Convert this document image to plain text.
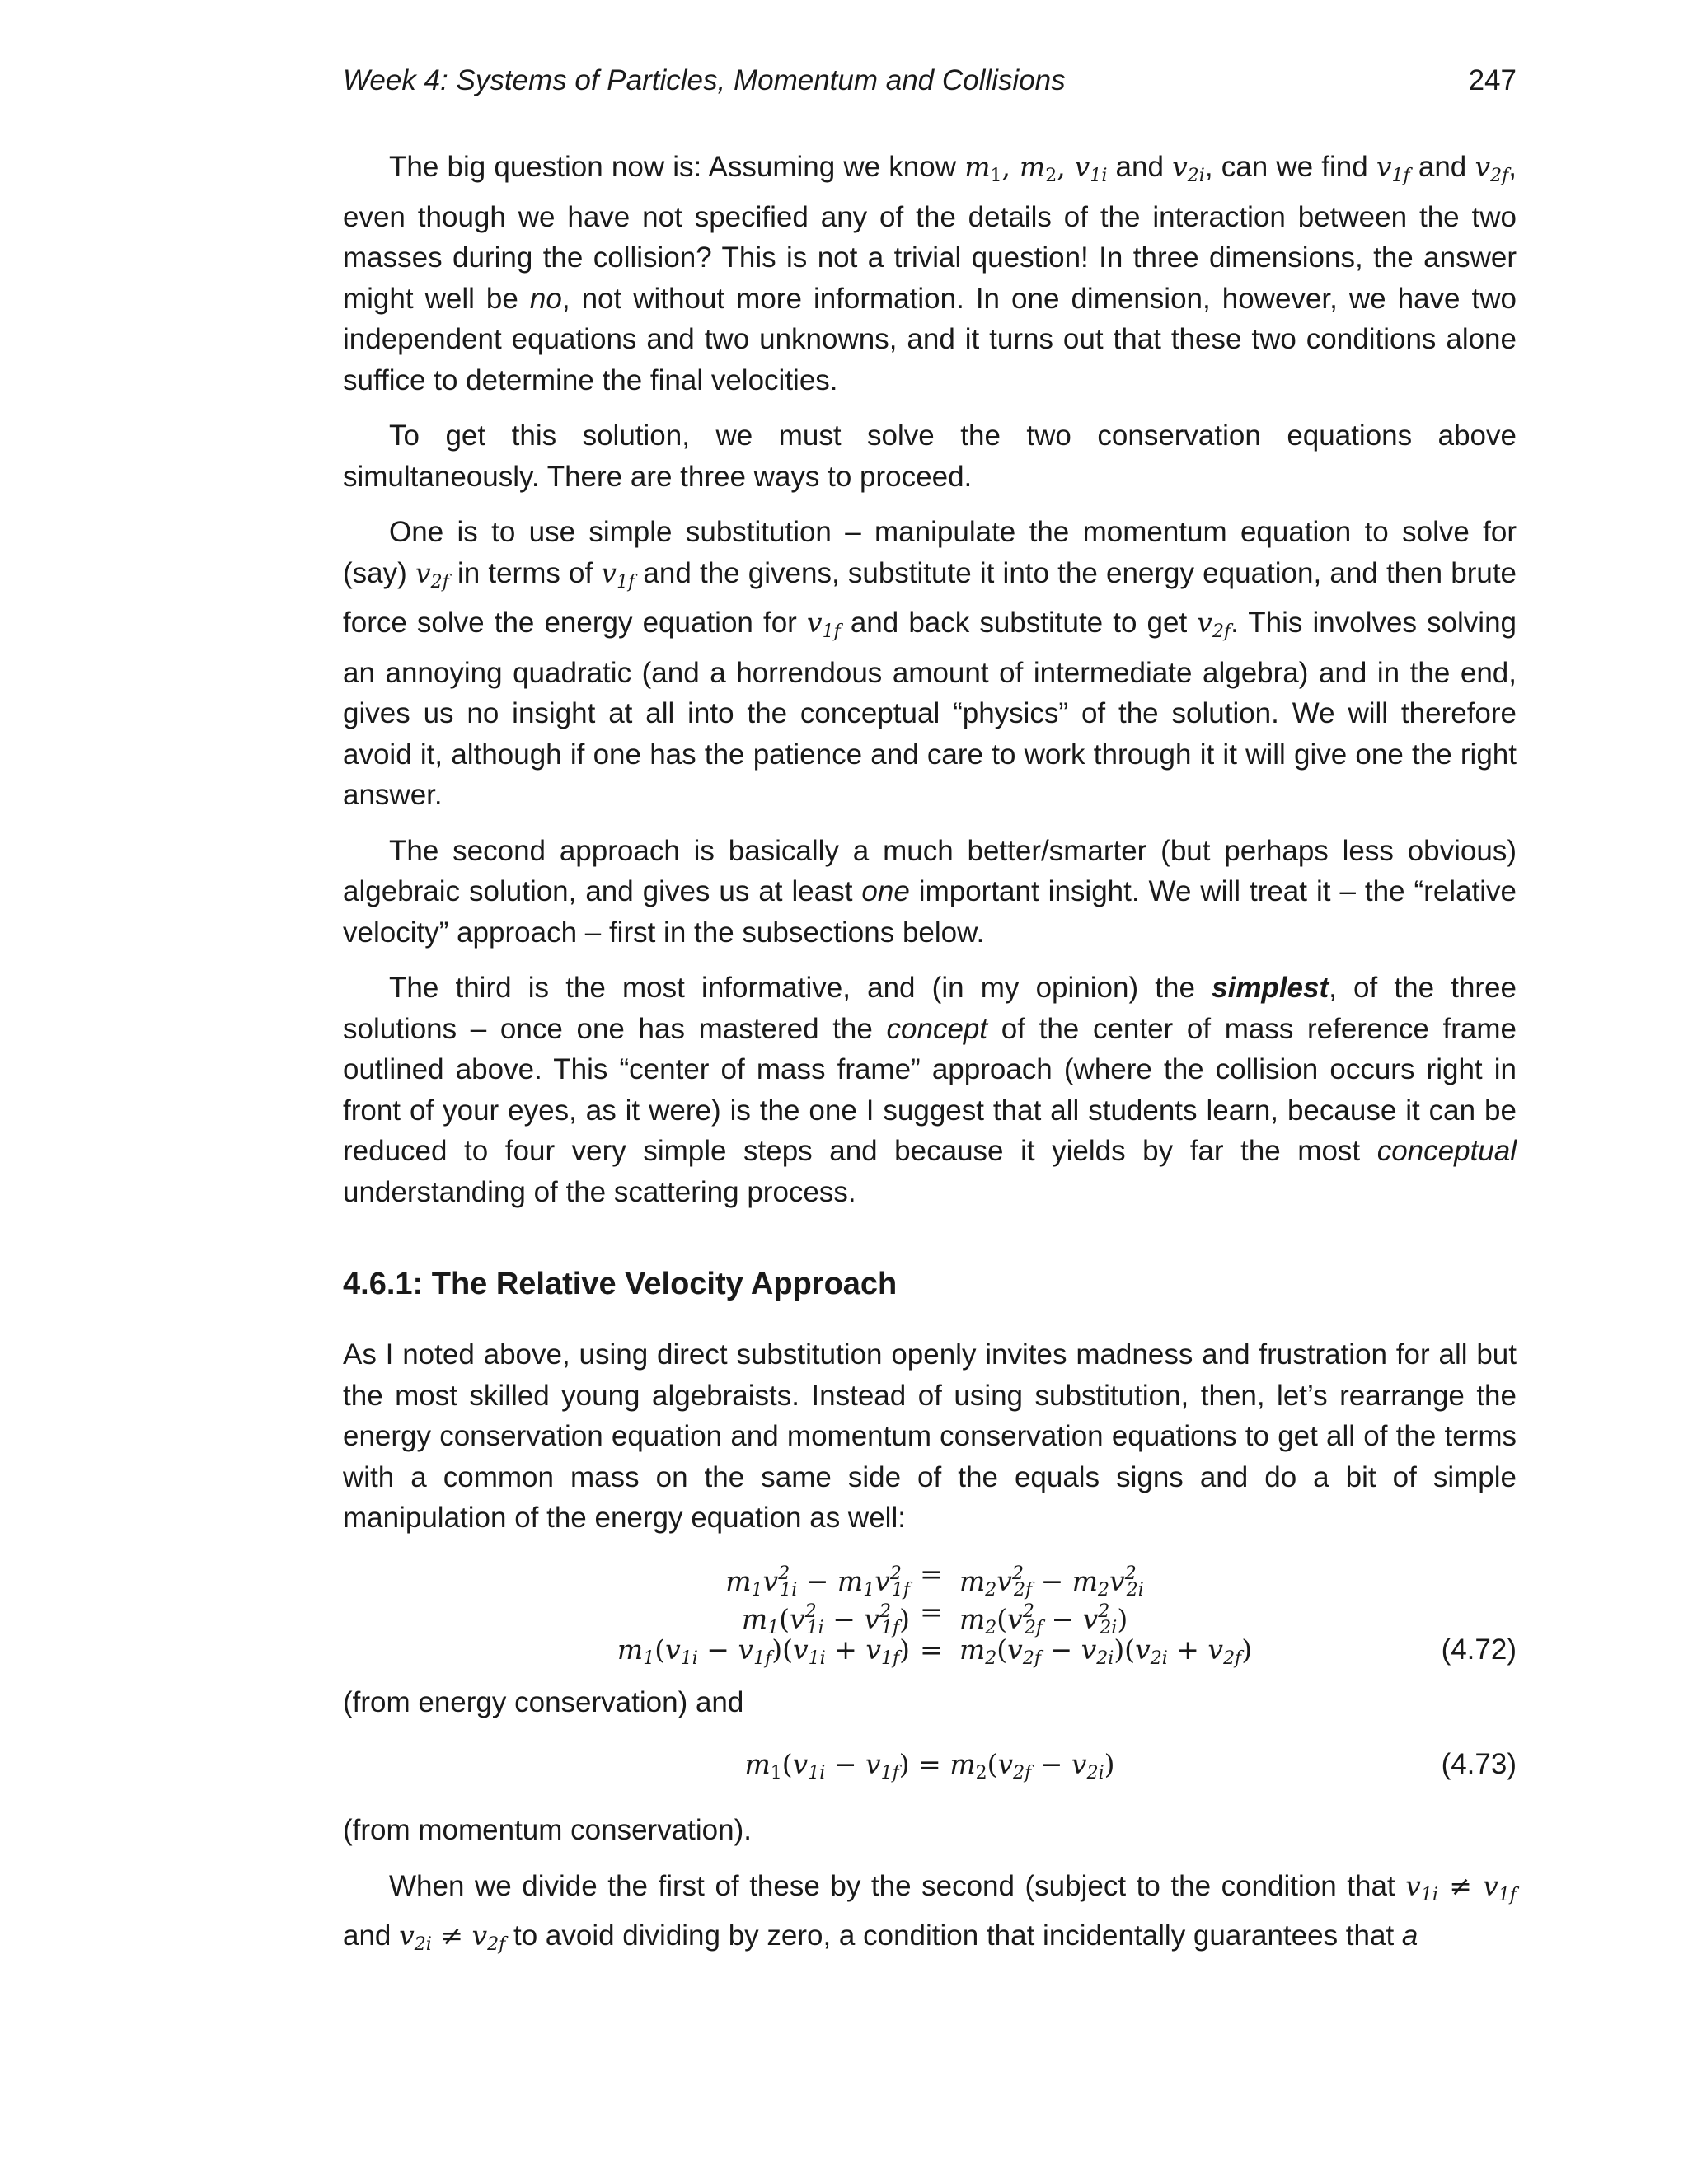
Week 4: Systems of Particles, Momentum and Collisions	247

The big question now is: Assuming we know $m_1$, $m_2$, $v_{1i}$ and $v_{2i}$, can we find $v_{1f}$ and $v_{2f}$, even though we have not specified any of the details of the interaction between the two masses during the collision? This is not a trivial question! In three dimensions, the answer might well be no, not without more information. In one dimension, however, we have two independent equations and two unknowns, and it turns out that these two conditions alone suffice to determine the final velocities.

To get this solution, we must solve the two conservation equations above simultaneously. There are three ways to proceed.

One is to use simple substitution – manipulate the momentum equation to solve for (say) $v_{2f}$ in terms of $v_{1f}$ and the givens, substitute it into the energy equation, and then brute force solve the energy equation for $v_{1f}$ and back substitute to get $v_{2f}$. This involves solving an annoying quadratic (and a horrendous amount of intermediate algebra) and in the end, gives us no insight at all into the conceptual “physics” of the solution. We will therefore avoid it, although if one has the patience and care to work through it it will give one the right answer.

The second approach is basically a much better/smarter (but perhaps less obvious) algebraic solution, and gives us at least one important insight. We will treat it – the “relative velocity” approach – first in the subsections below.

The third is the most informative, and (in my opinion) the simplest, of the three solutions – once one has mastered the concept of the center of mass reference frame outlined above. This “center of mass frame” approach (where the collision occurs right in front of your eyes, as it were) is the one I suggest that all students learn, because it can be reduced to four very simple steps and because it yields by far the most conceptual understanding of the scattering process.

4.6.1: The Relative Velocity Approach

As I noted above, using direct substitution openly invites madness and frustration for all but the most skilled young algebraists. Instead of using substitution, then, let’s rearrange the energy conservation equation and momentum conservation equations to get all of the terms with a common mass on the same side of the equals signs and do a bit of simple manipulation of the energy equation as well:

$m_1v^2_{1i} - m_1v^2_{1f}$
= $m_2v^2_{2f} - m_2v^2_{2i}$
$m_1(v^2_{1i} - v^2_{1f}) = m_2(v^2_{2f} - v^2_{2i})$
$m_1(v_{1i} - v_{1f})(v_{1i} + v_{1f}) = m_2(v_{2f} - v_{2i})(v_{2i} + v_{2f})$	(4.72)

(from energy conservation) and

$m_1(v_{1i} - v_{1f}) = m_2(v_{2f} - v_{2i})$	(4.73)

(from momentum conservation).

When we divide the first of these by the second (subject to the condition that $v_{1i} \ne v_{1f}$ and $v_{2i} \ne v_{2f}$ to avoid dividing by zero, a condition that incidentally guarantees that a
